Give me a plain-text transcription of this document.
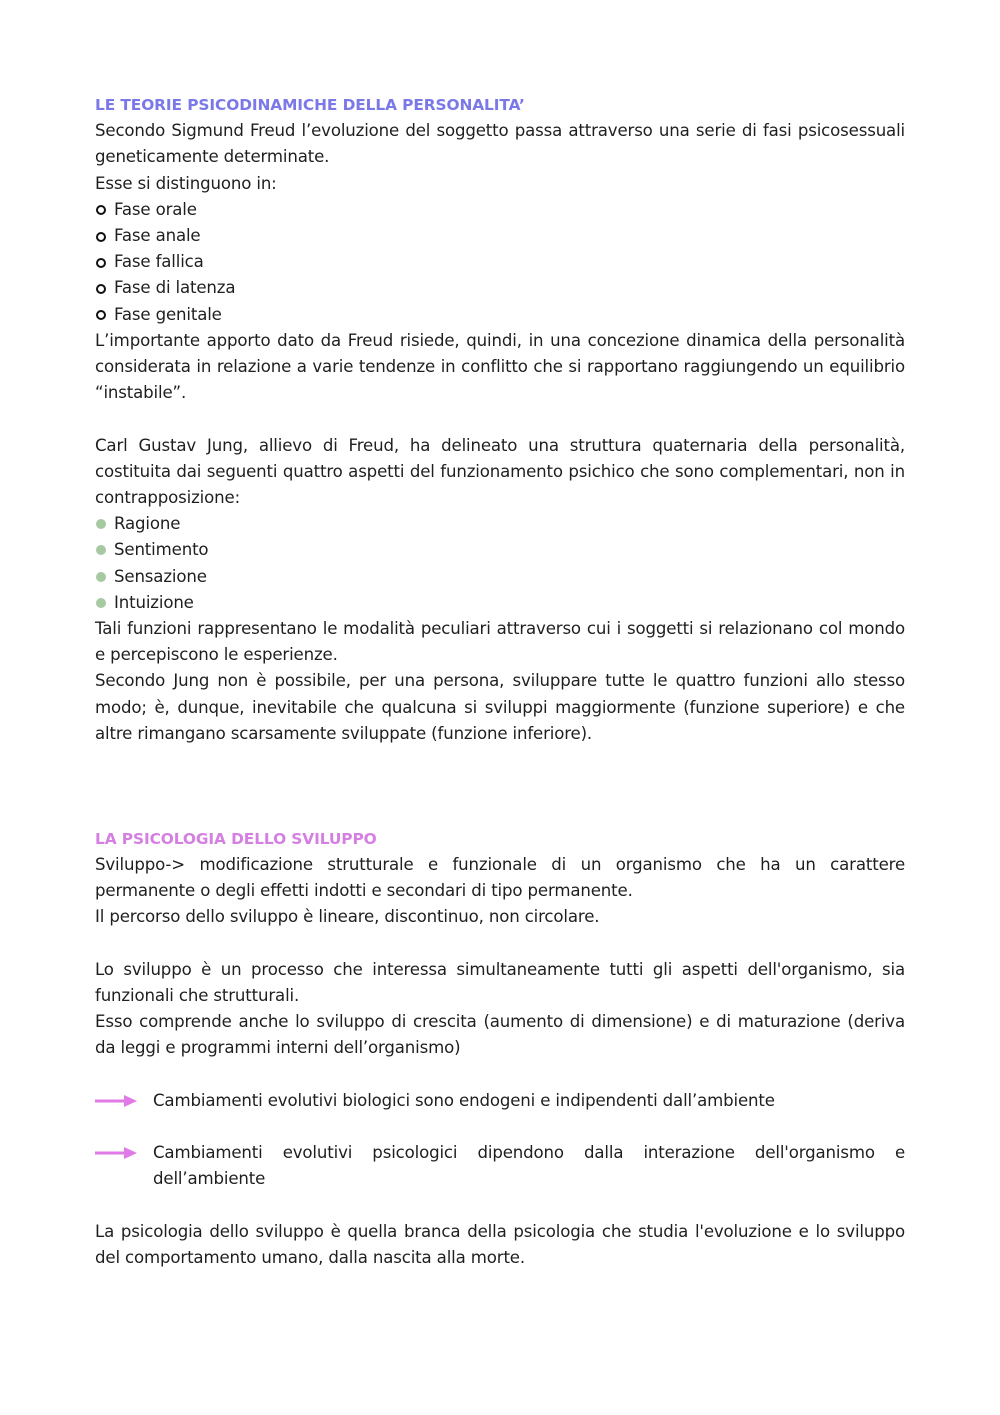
LE TEORIE PSICODINAMICHE DELLA PERSONALITA’

Secondo Sigmund Freud l’evoluzione del soggetto passa attraverso una serie di fasi psicosessuali geneticamente determinate.

Esse si distinguono in:

Fase orale
Fase anale
Fase fallica
Fase di latenza
Fase genitale

L’importante apporto dato da Freud risiede, quindi, in una concezione dinamica della personalità considerata in relazione a varie tendenze in conflitto che si rapportano raggiungendo un equilibrio “instabile”.

Carl Gustav Jung, allievo di Freud, ha delineato una struttura quaternaria della personalità, costituita dai seguenti quattro aspetti del funzionamento psichico che sono complementari, non in contrapposizione:

Ragione
Sentimento
Sensazione
Intuizione

Tali funzioni rappresentano le modalità peculiari attraverso cui i soggetti si relazionano col mondo e percepiscono le esperienze.

Secondo Jung non è possibile, per una persona, sviluppare tutte le quattro funzioni allo stesso modo; è, dunque, inevitabile che qualcuna si sviluppi maggiormente (funzione superiore) e che altre rimangano scarsamente sviluppate (funzione inferiore).

LA PSICOLOGIA DELLO SVILUPPO

Sviluppo-> modificazione strutturale e funzionale di un organismo che ha un carattere permanente o degli effetti indotti e secondari di tipo permanente.

Il percorso dello sviluppo è lineare, discontinuo, non circolare.

Lo sviluppo è un processo che interessa simultaneamente tutti gli aspetti dell'organismo, sia funzionali che strutturali.

Esso comprende anche lo sviluppo di crescita (aumento di dimensione) e di maturazione (deriva da leggi e programmi interni dell’organismo)

Cambiamenti evolutivi biologici sono endogeni e indipendenti dall’ambiente

Cambiamenti evolutivi psicologici dipendono dalla interazione dell'organismo e dell’ambiente

La psicologia dello sviluppo è quella branca della psicologia che studia l'evoluzione e lo sviluppo del comportamento umano, dalla nascita alla morte.
